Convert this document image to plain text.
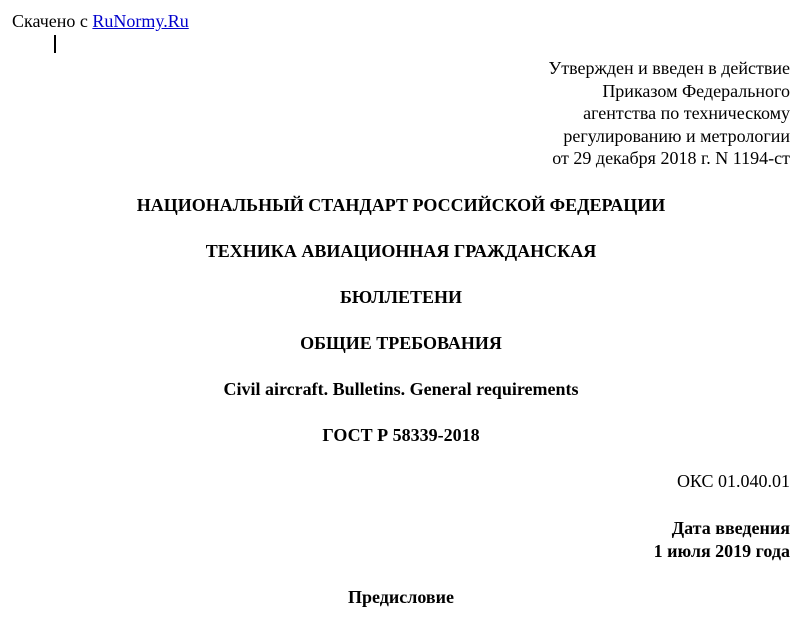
Скачено с RuNormy.Ru
Утвержден и введен в действие
Приказом Федерального
агентства по техническому
регулированию и метрологии
от 29 декабря 2018 г. N 1194-ст
НАЦИОНАЛЬНЫЙ СТАНДАРТ РОССИЙСКОЙ ФЕДЕРАЦИИ
ТЕХНИКА АВИАЦИОННАЯ ГРАЖДАНСКАЯ
БЮЛЛЕТЕНИ
ОБЩИЕ ТРЕБОВАНИЯ
Civil aircraft. Bulletins. General requirements
ГОСТ Р 58339-2018
ОКС 01.040.01
Дата введения
1 июля 2019 года
Предисловие
